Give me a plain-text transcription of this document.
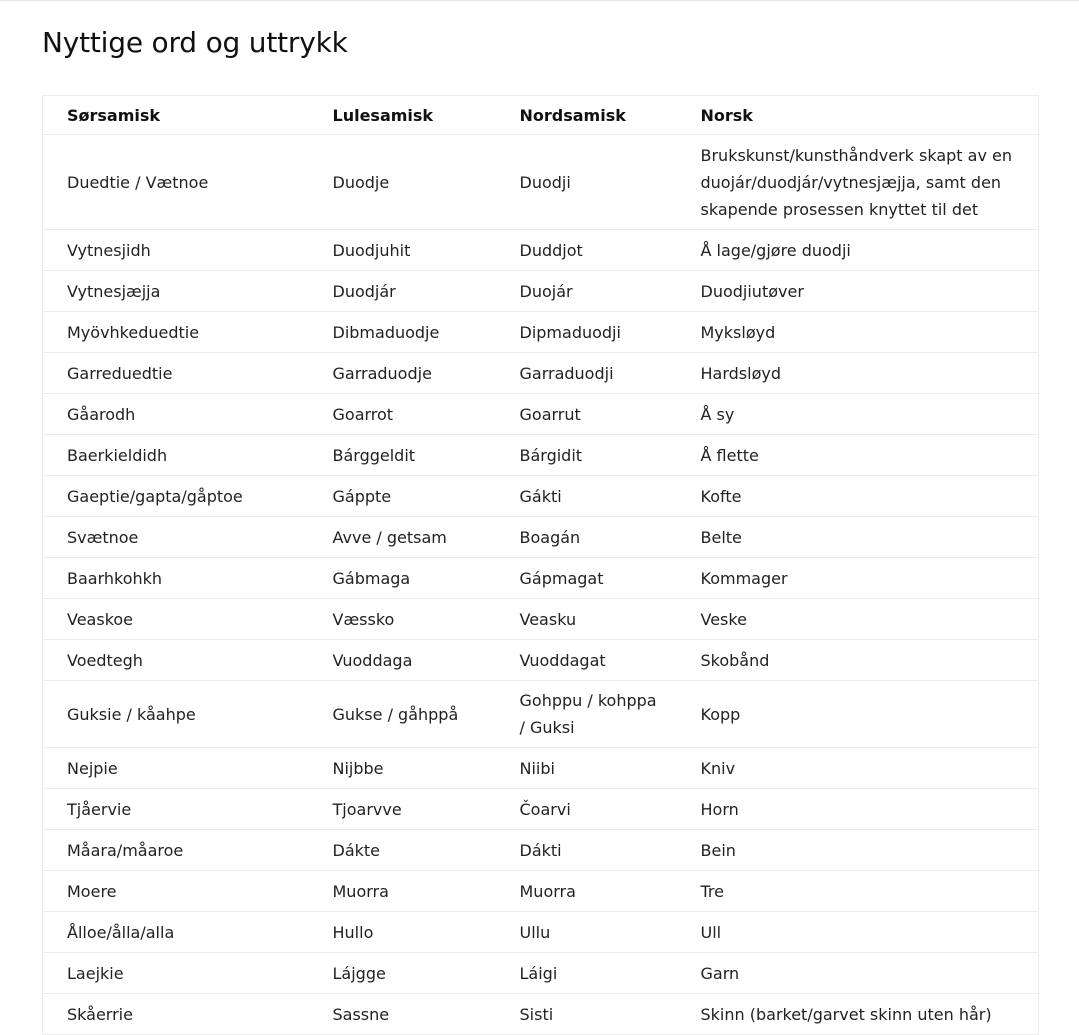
Nyttige ord og uttrykk
Sørsamisk	Lulesamisk	Nordsamisk	Norsk
Duedtie / Vætnoe	Duodje	Duodji	Brukskunst/kunsthåndverk skapt av en duojár/duodjár/vytnesjæjja, samt den skapende prosessen knyttet til det
Vytnesjidh	Duodjuhit	Duddjot	Å lage/gjøre duodji
Vytnesjæjja	Duodjár	Duojár	Duodjiutøver
Myövhkeduedtie	Dibmaduodje	Dipmaduodji	Myksløyd
Garreduedtie	Garraduodje	Garraduodji	Hardsløyd
Gåarodh	Goarrot	Goarrut	Å sy
Baerkieldidh	Bárggeldit	Bárgidit	Å flette
Gaeptie/gapta/gåptoe	Gáppte	Gákti	Kofte
Svætnoe	Avve / getsam	Boagán	Belte
Baarhkohkh	Gábmaga	Gápmagat	Kommager
Veaskoe	Væssko	Veasku	Veske
Voedtegh	Vuoddaga	Vuoddagat	Skobånd
Guksie / kåahpe	Gukse / gåhppå	Gohppu / kohppa / Guksi	Kopp
Nejpie	Nijbbe	Niibi	Kniv
Tjåervie	Tjoarvve	Čoarvi	Horn
Måara/måaroe	Dákte	Dákti	Bein
Moere	Muorra	Muorra	Tre
Ålloe/ålla/alla	Hullo	Ullu	Ull
Laejkie	Lájgge	Láigi	Garn
Skåerrie	Sassne	Sisti	Skinn (barket/garvet skinn uten hår)
